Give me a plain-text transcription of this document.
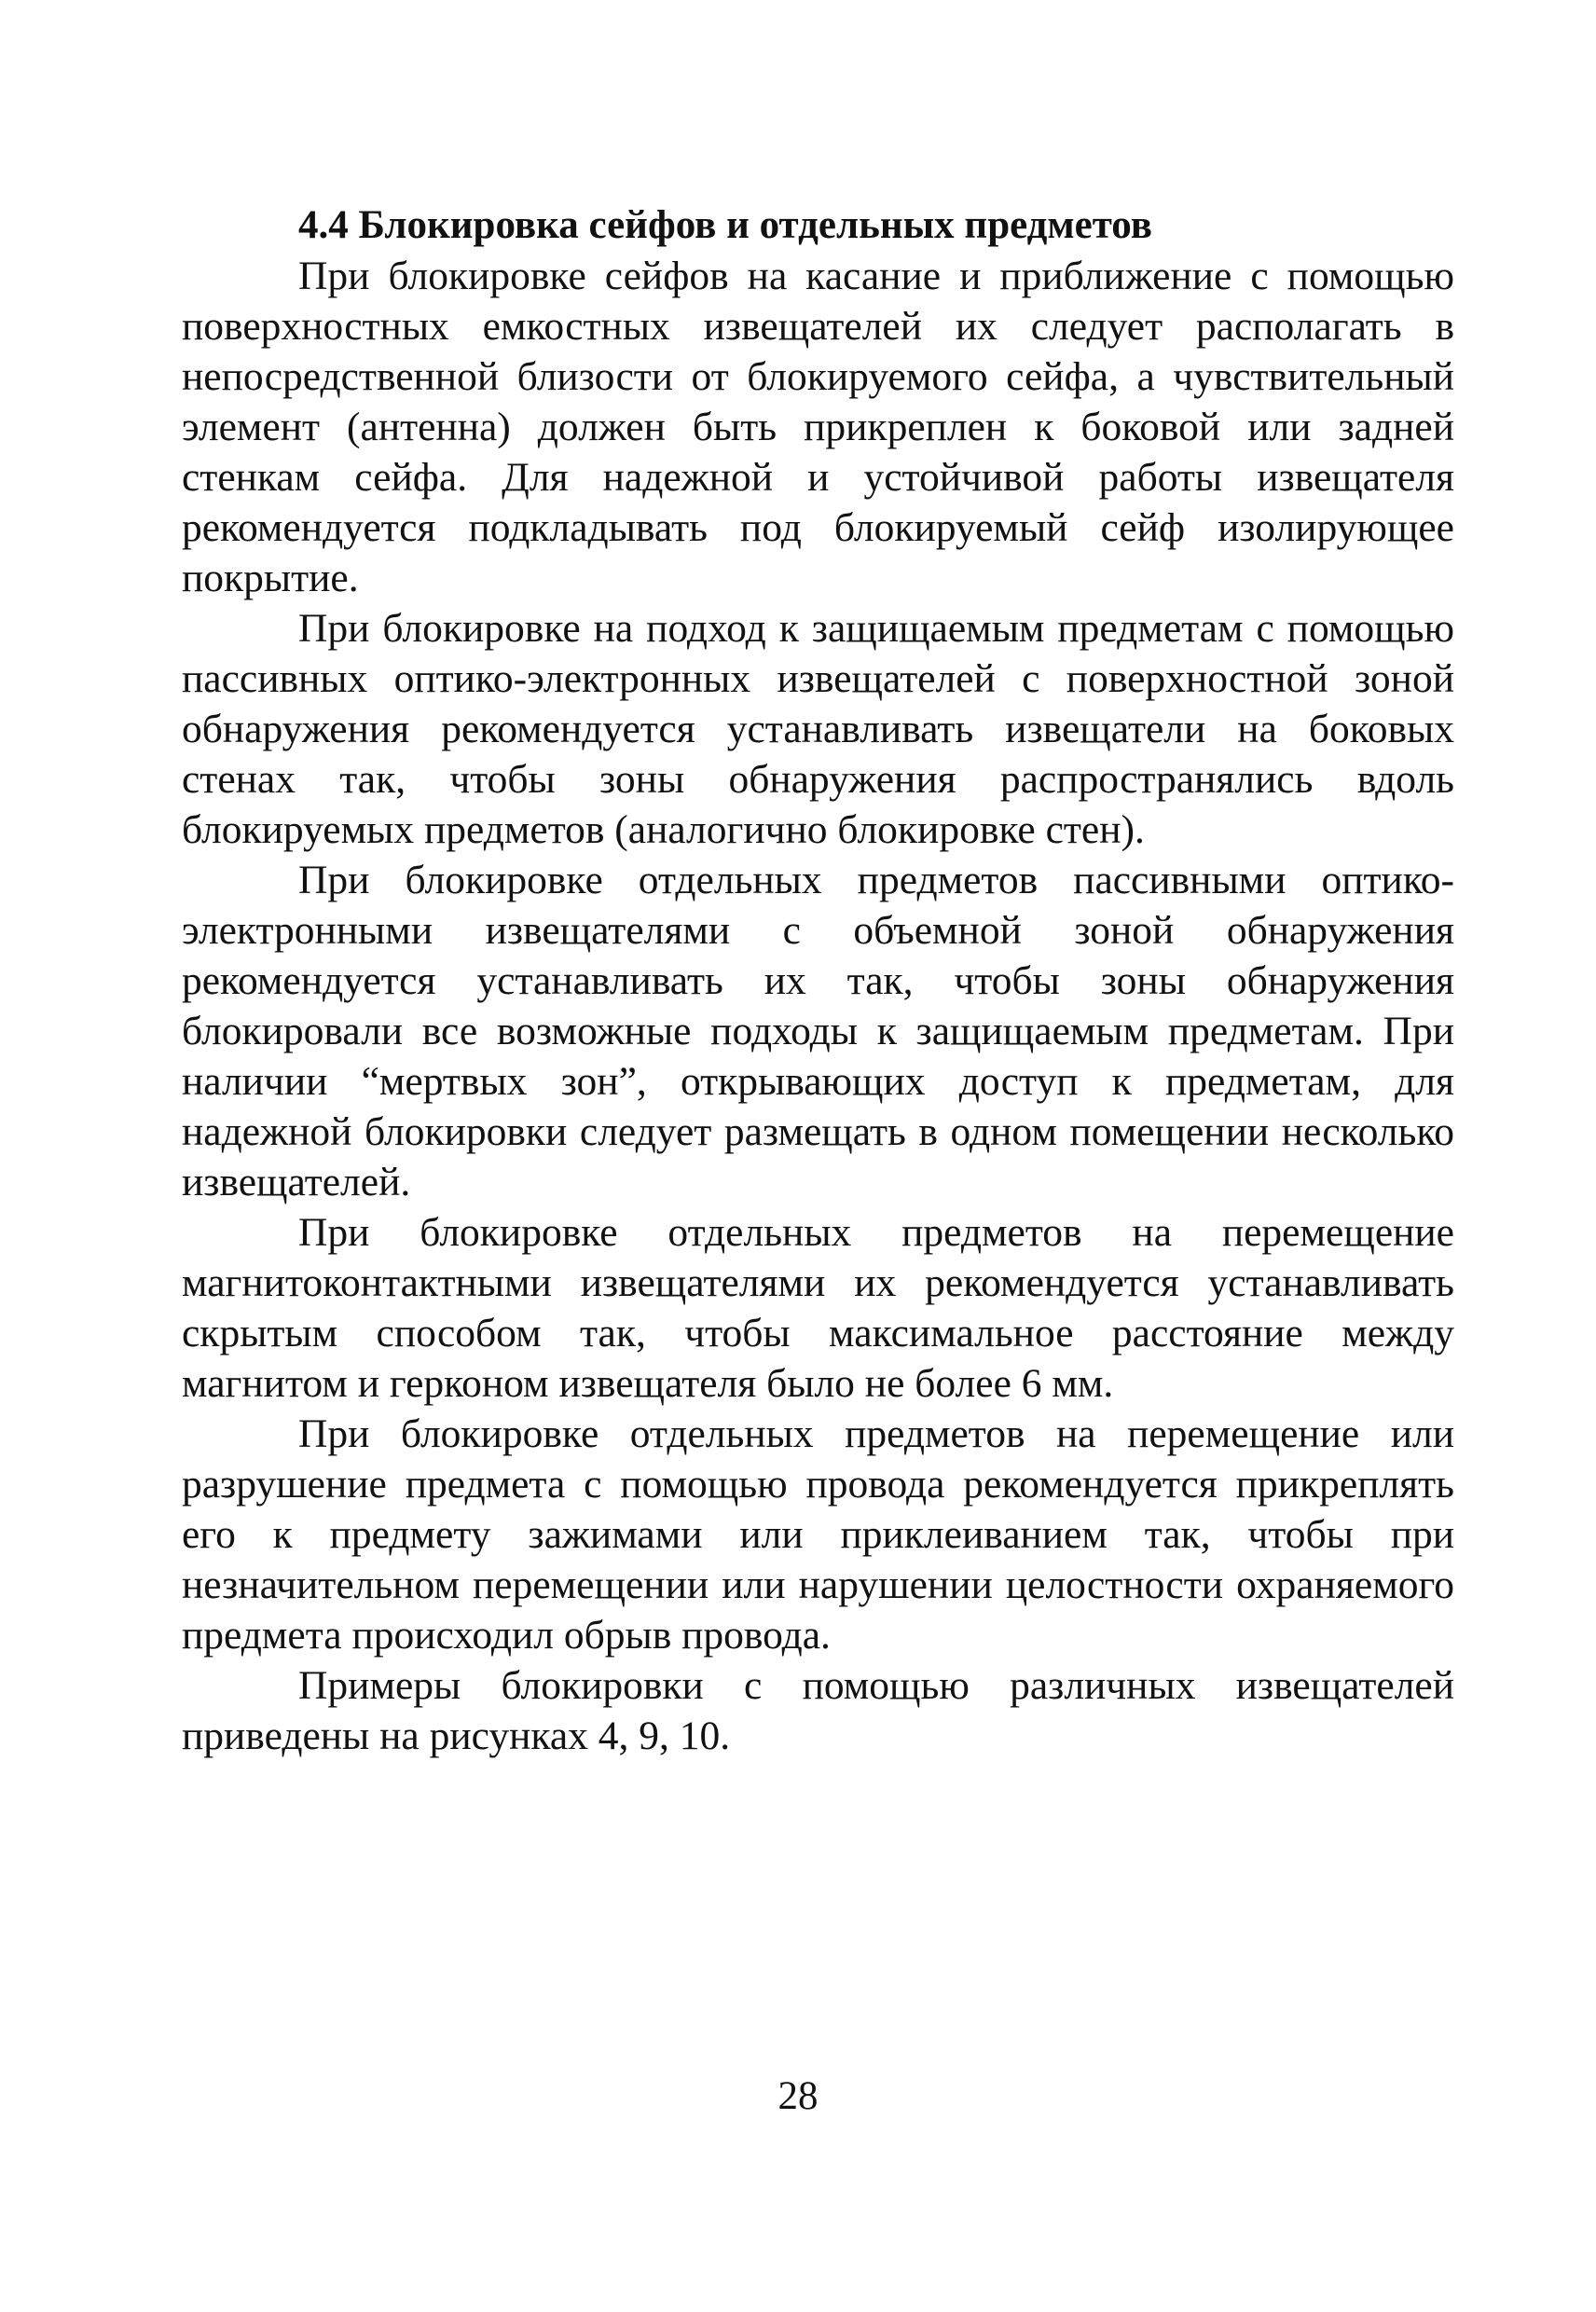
4.4 Блокировка сейфов и отдельных предметов

При блокировке сейфов на касание и приближение с помощью поверхностных емкостных извещателей их следует располагать в непосредственной близости от блокируемого сейфа, а чувствительный элемент (антенна) должен быть прикреплен к боковой или задней стенкам сейфа. Для надежной и устойчивой работы извещателя рекомендуется подкладывать под блокируемый сейф изолирующее покрытие.

При блокировке на подход к защищаемым предметам с помощью пассивных оптико-электронных извещателей с поверхностной зоной обнаружения рекомендуется устанавливать извещатели на боковых стенах так, чтобы зоны обнаружения распространялись вдоль блокируемых предметов (аналогично блокировке стен).

При блокировке отдельных предметов пассивными оптико-электронными извещателями с объемной зоной обнаружения рекомендуется устанавливать их так, чтобы зоны обнаружения блокировали все возможные подходы к защищаемым предметам. При наличии “мертвых зон”, открывающих доступ к предметам, для надежной блокировки следует размещать в одном помещении несколько извещателей.

При блокировке отдельных предметов на перемещение магнитоконтактными извещателями их рекомендуется устанавливать скрытым способом так, чтобы максимальное расстояние между магнитом и герконом извещателя было не более 6 мм.

При блокировке отдельных предметов на перемещение или разрушение предмета с помощью провода рекомендуется прикреплять его к предмету зажимами или приклеиванием так, чтобы при незначительном перемещении или нарушении целостности охраняемого предмета происходил обрыв провода.

Примеры блокировки с помощью различных извещателей приведены на рисунках 4, 9, 10.

28
